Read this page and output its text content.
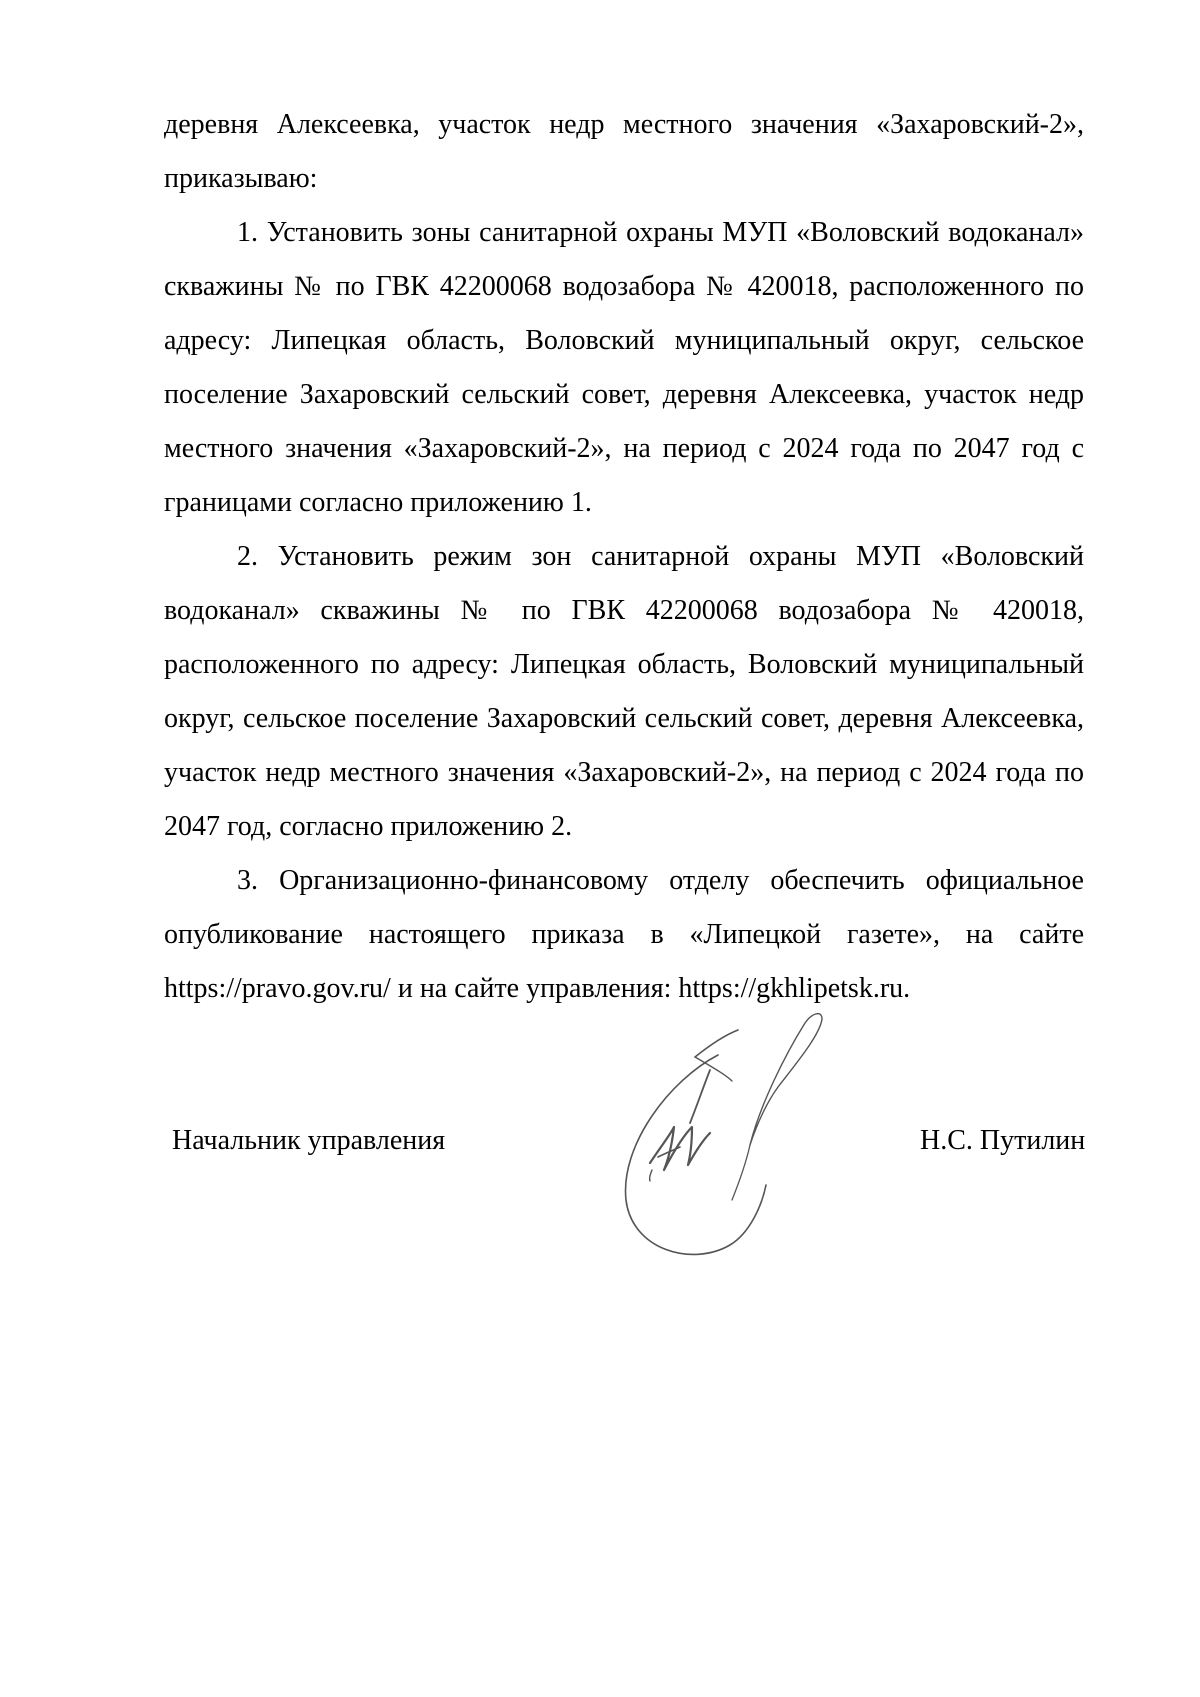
деревня Алексеевка, участок недр местного значения «Захаровский-2»,

приказываю:

1. Установить зоны санитарной охраны МУП «Воловский водоканал» скважины № по ГВК 42200068 водозабора № 420018, расположенного по адресу: Липецкая область, Воловский муниципальный округ, сельское поселение Захаровский сельский совет, деревня Алексеевка, участок недр местного значения «Захаровский-2», на период с 2024 года по 2047 год с границами согласно приложению 1.

2. Установить режим зон санитарной охраны МУП «Воловский водоканал» скважины № по ГВК 42200068 водозабора № 420018, расположенного по адресу: Липецкая область, Воловский муниципальный округ, сельское поселение Захаровский сельский совет, деревня Алексеевка, участок недр местного значения «Захаровский-2», на период с 2024 года по 2047 год, согласно приложению 2.

3. Организационно-финансовому отделу обеспечить официальное опубликование настоящего приказа в «Липецкой газете», на сайте https://pravo.gov.ru/ и на сайте управления: https://gkhlipetsk.ru.

Начальник управления	Н.С. Путилин
